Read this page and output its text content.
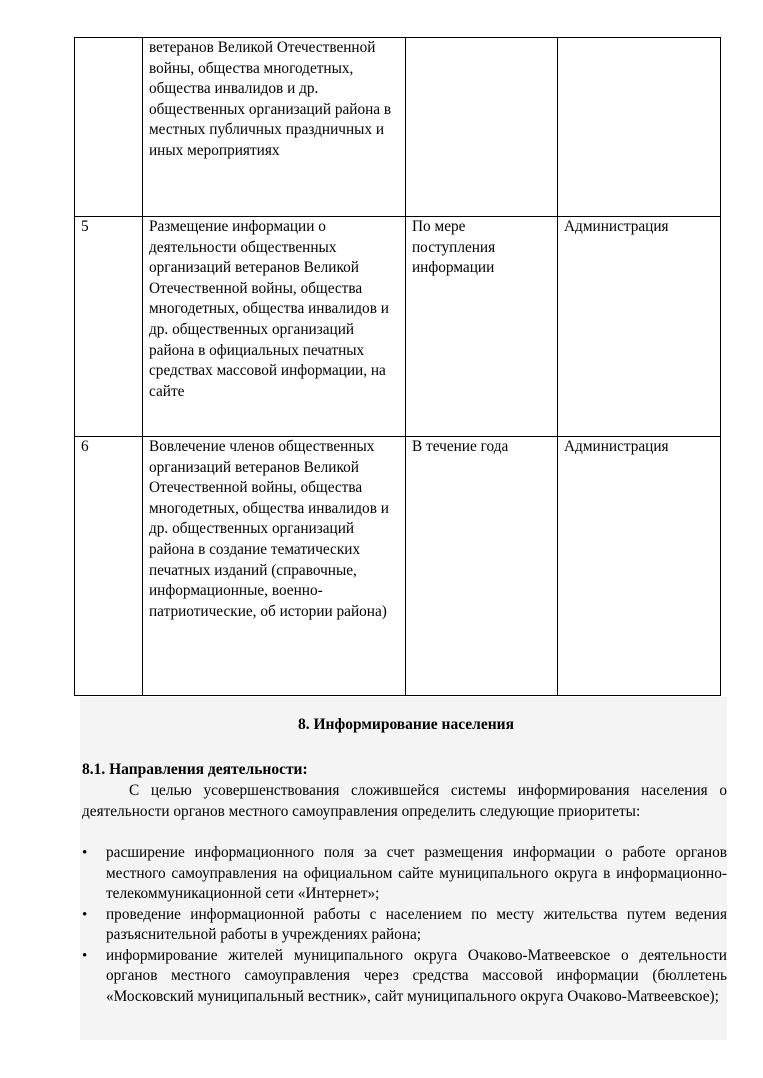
	ветеранов Великой Отечественной войны, общества многодетных, общества инвалидов и др. общественных организаций района в местных публичных праздничных и иных мероприятиях		
5	Размещение информации о деятельности общественных организаций ветеранов Великой Отечественной войны, общества многодетных, общества инвалидов и др. общественных организаций района в официальных печатных средствах массовой информации, на сайте	По мере поступления информации	Администрация
6	Вовлечение членов общественных организаций ветеранов Великой Отечественной войны, общества многодетных, общества инвалидов и др. общественных организаций района в создание тематических печатных изданий (справочные, информационные, военно-патриотические, об истории района)	В течение года	Администрация
8. Информирование населения
8.1. Направления деятельности:
С целью усовершенствования сложившейся системы информирования населения о деятельности органов местного самоуправления определить следующие приоритеты:
• расширение информационного поля за счет размещения информации о работе органов местного самоуправления на официальном сайте муниципального округа в информационно-телекоммуникационной сети «Интернет»;
• проведение информационной работы с населением по месту жительства путем ведения разъяснительной работы в учреждениях района;
• информирование жителей муниципального округа Очаково-Матвеевское о деятельности органов местного самоуправления через средства массовой информации (бюллетень «Московский муниципальный вестник», сайт муниципального округа Очаково-Матвеевское);
